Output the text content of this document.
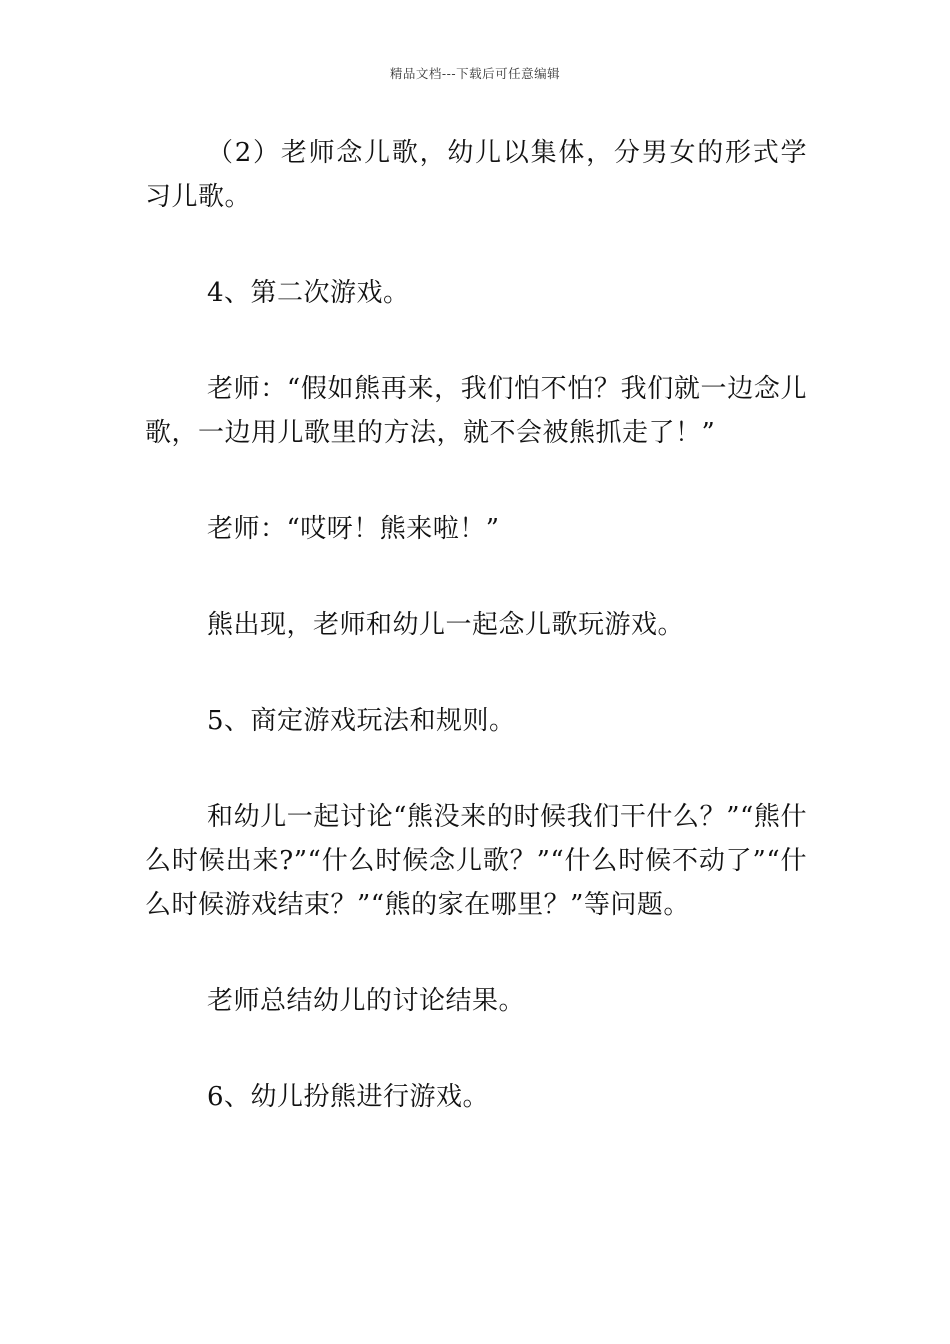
精品文档---下载后可任意编辑

（2）老师念儿歌，幼儿以集体，分男女的形式学习儿歌。

4、第二次游戏。

老师：“假如熊再来，我们怕不怕？我们就一边念儿歌，一边用儿歌里的方法，就不会被熊抓走了！”

老师：“哎呀！熊来啦！”

熊出现，老师和幼儿一起念儿歌玩游戏。

5、商定游戏玩法和规则。

和幼儿一起讨论“熊没来的时候我们干什么？”“熊什么时候出来?”“什么时候念儿歌？”“什么时候不动了”“什么时候游戏结束？”“熊的家在哪里？”等问题。

老师总结幼儿的讨论结果。

6、幼儿扮熊进行游戏。
